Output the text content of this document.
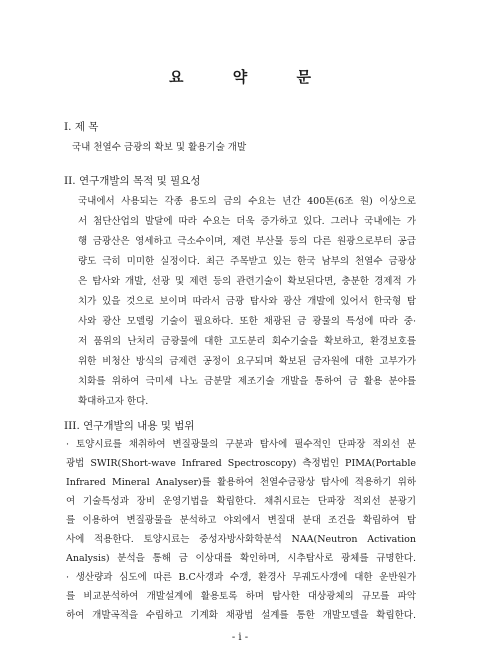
요 약 문
I. 제 목
국내 천열수 금광의 확보 및 활용기술 개발
II. 연구개발의 목적 및 필요성
국내에서 사용되는 각종 용도의 금의 수요는 년간 400톤(6조 원) 이상으로
서 첨단산업의 발달에 따라 수요는 더욱 증가하고 있다. 그러나 국내에는 가
행 금광산은 영세하고 극소수이며, 제련 부산물 등의 다른 원광으로부터 공급
량도 극히 미미한 실정이다. 최근 주목받고 있는 한국 남부의 천열수 금광상
은 탐사와 개발, 선광 및 제련 등의 관련기술이 확보된다면, 충분한 경제적 가
치가 있을 것으로 보이며 따라서 금광 탐사와 광산 개발에 있어서 한국형 탐
사와 광산 모델링 기술이 필요하다. 또한 채광된 금 광물의 특성에 따라 중·
저 품위의 난처리 금광물에 대한 고도분리 회수기술을 확보하고, 환경보호를
위한 비청산 방식의 금제련 공정이 요구되며 확보된 금자원에 대한 고부가가
치화를 위하여 극미세 나노 금분말 제조기술 개발을 통하여 금 활용 분야를
확대하고자 한다.
III. 연구개발의 내용 및 범위
· 토양시료를 채취하여 변질광물의 구분과 탐사에 필수적인 단파장 적외선 분
광법 SWIR(Short-wave Infrared Spectroscopy) 측정법인 PIMA(Portable
Infrared Mineral Analyser)를 활용하여 천열수금광상 탐사에 적용하기 위하
여 기술특성과 장비 운영기법을 확립한다. 채취시료는 단파장 적외선 분광기
를 이용하여 변질광물을 분석하고 야외에서 변질대 분대 조건을 확립하여 탐
사에 적용한다. 토양시료는 중성자방사화학분석 NAA(Neutron Activation
Analysis) 분석을 통해 금 이상대를 확인하며, 시추탐사로 광체를 규명한다.
· 생산량과 심도에 따른 B.C사갱과 수갱, 환경사 무궤도사갱에 대한 운반원가
를 비교분석하여 개발설계에 활용토록 하며 탐사한 대상광체의 규모를 파악
하여 개발곡적을 수립하고 기계화 채광법 설계를 통한 개발모델을 확립한다.
- i -
